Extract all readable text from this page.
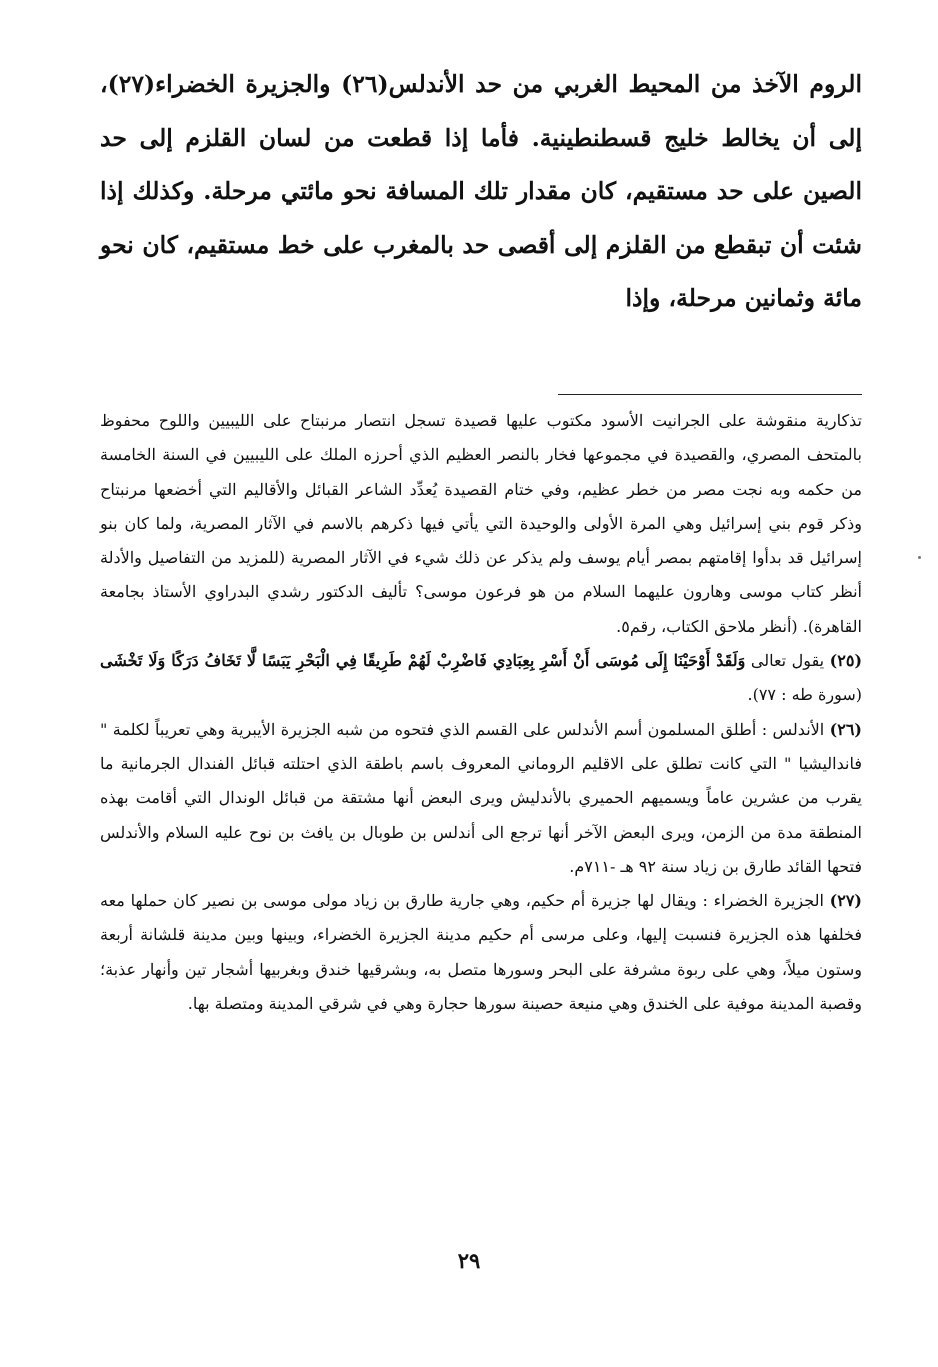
الروم الآخذ من المحيط الغربي من حد الأندلس(٢٦) والجزيرة الخضراء(٢٧)، إلى أن يخالط خليج قسطنطينية. فأما إذا قطعت من لسان القلزم إلى حد الصين على حد مستقيم، كان مقدار تلك المسافة نحو مائتي مرحلة. وكذلك إذا شئت أن تبقطع من القلزم إلى أقصى حد بالمغرب على خط مستقيم، كان نحو مائة وثمانين مرحلة، وإذا

تذكارية منقوشة على الجرانيت الأسود مكتوب عليها قصيدة تسجل انتصار مرنبتاح على الليبيين واللوح محفوظ بالمتحف المصري، والقصيدة في مجموعها فخار بالنصر العظيم الذي أحرزه الملك على الليبيين في السنة الخامسة من حكمه وبه نجت مصر من خطر عظيم، وفي ختام القصيدة يُعدِّد الشاعر القبائل والأقاليم التي أخضعها مرنبتاح وذكر قوم بني إسرائيل وهي المرة الأولى والوحيدة التي يأتي فيها ذكرهم بالاسم في الآثار المصرية، ولما كان بنو إسرائيل قد بدأوا إقامتهم بمصر أيام يوسف ولم يذكر عن ذلك شيء في الآثار المصرية (للمزيد من التفاصيل والأدلة أنظر كتاب موسى وهارون عليهما السلام من هو فرعون موسى؟ تأليف الدكتور رشدي البدراوي الأستاذ بجامعة القاهرة). (أنظر ملاحق الكتاب، رقم٥.

(٢٥) يقول تعالى وَلَقَدْ أَوْحَيْنَا إِلَى مُوسَى أَنْ أَسْرِ بِعِبَادِي فَاضْرِبْ لَهُمْ طَرِيقًا فِي الْبَحْرِ يَبَسًا لَّا تَخَافُ دَرَكًا وَلَا تَخْشَى (سورة طه : ٧٧).

(٢٦) الأندلس : أطلق المسلمون أسم الأندلس على القسم الذي فتحوه من شبه الجزيرة الأيبرية وهي تعريباً لكلمة " فانداليشيا " التي كانت تطلق على الاقليم الروماني المعروف باسم باطقة الذي احتلته قبائل الفندال الجرمانية ما يقرب من عشرين عاماً ويسميهم الحميري بالأندليش ويرى البعض أنها مشتقة من قبائل الوندال التي أقامت بهذه المنطقة مدة من الزمن، ويرى البعض الآخر أنها ترجع الى أندلس بن طوبال بن يافث بن نوح عليه السلام والأندلس فتحها القائد طارق بن زياد سنة ٩٢ هـ -٧١١م.

(٢٧) الجزيرة الخضراء : ويقال لها جزيرة أم حكيم، وهي جارية طارق بن زياد مولى موسى بن نصير كان حملها معه فخلفها هذه الجزيرة فنسبت إليها، وعلى مرسى أم حكيم مدينة الجزيرة الخضراء، وبينها وبين مدينة قلشانة أربعة وستون ميلاً، وهي على ربوة مشرفة على البحر وسورها متصل به، وبشرقيها خندق وبغربيها أشجار تين وأنهار عذبة؛ وقصبة المدينة موفية على الخندق وهي منيعة حصينة سورها حجارة وهي في شرقي المدينة ومتصلة بها.

٢٩
